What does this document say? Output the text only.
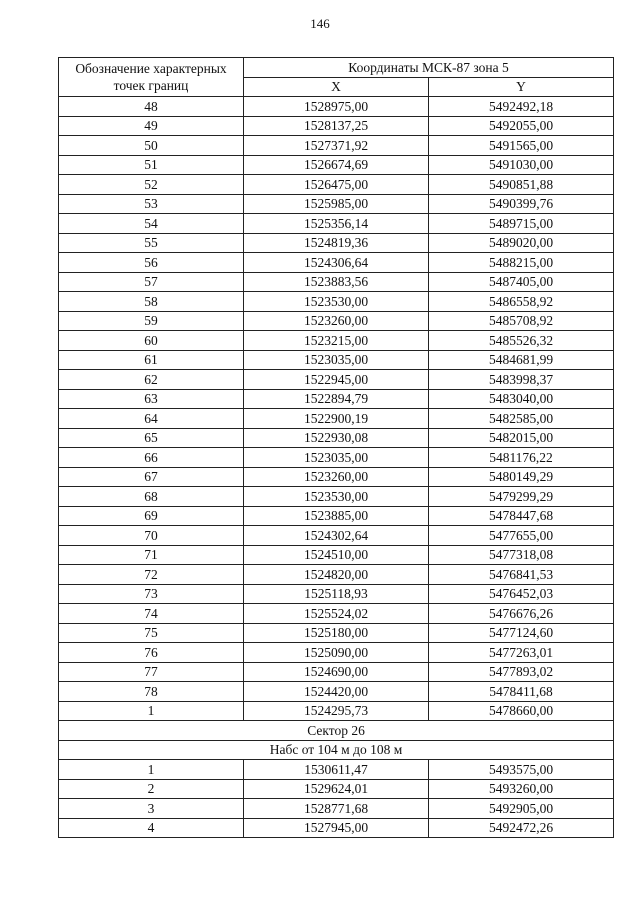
146
Обозначение характерных
точек границ	Координаты МСК-87 зона 5	
	X	Y
48	1528975,00	5492492,18
49	1528137,25	5492055,00
50	1527371,92	5491565,00
51	1526674,69	5491030,00
52	1526475,00	5490851,88
53	1525985,00	5490399,76
54	1525356,14	5489715,00
55	1524819,36	5489020,00
56	1524306,64	5488215,00
57	1523883,56	5487405,00
58	1523530,00	5486558,92
59	1523260,00	5485708,92
60	1523215,00	5485526,32
61	1523035,00	5484681,99
62	1522945,00	5483998,37
63	1522894,79	5483040,00
64	1522900,19	5482585,00
65	1522930,08	5482015,00
66	1523035,00	5481176,22
67	1523260,00	5480149,29
68	1523530,00	5479299,29
69	1523885,00	5478447,68
70	1524302,64	5477655,00
71	1524510,00	5477318,08
72	1524820,00	5476841,53
73	1525118,93	5476452,03
74	1525524,02	5476676,26
75	1525180,00	5477124,60
76	1525090,00	5477263,01
77	1524690,00	5477893,02
78	1524420,00	5478411,68
1	1524295,73	5478660,00
Сектор 26		
Набс от 104 м до 108 м		
1	1530611,47	5493575,00
2	1529624,01	5493260,00
3	1528771,68	5492905,00
4	1527945,00	5492472,26
